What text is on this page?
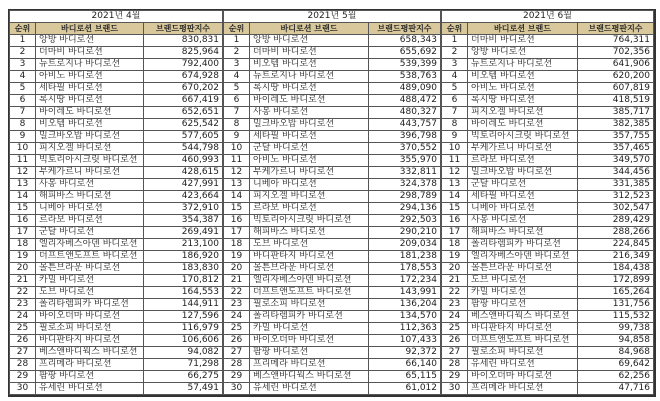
2021년 4월		
순위	바디로션 브랜드	브랜드평판지수
1	앙방 바디로션	830,831
2	더마비 바디로션	825,964
3	뉴트로지나 바디로션	792,400
4	아비노 바디로션	674,928
5	세타필 바디로션	670,202
6	록시땅 바디로션	667,419
7	바이레도 바디로션	652,651
8	비오템 바디로션	625,542
9	밀크바오밥 바디로션	577,605
10	피지오겔 바디로션	544,798
11	빅토리아시크릿 바디로션	460,993
12	부케가르니 바디로션	428,615
13	사봉 바디로션	427,991
14	해피바스 바디로션	423,664
15	니베아 바디로션	372,910
16	르라보 바디로션	354,387
17	군달 바디로션	269,491
18	엘리자베스아덴 바디로션	213,100
19	더프트앤도프트 바디로션	186,920
20	몰튼브라운 바디로션	183,830
21	카밀 바디로션	170,812
22	도브 바디로션	164,553
23	폴리타렘피카 바디로션	144,911
24	바이오더마 바디로션	127,596
25	필로소피 바디로션	116,979
26	바디판타지 바디로션	106,606
27	베스앤바디웍스 바디로션	94,082
28	프리메라 바디로션	71,298
29	팜팡 바디로션	66,275
30	유세린 바디로션	57,491
2021년 5월		
순위	바디로션 브랜드	브랜드평판지수
1	앙방 바디로션	658,343
2	더마비 바디로션	655,692
3	비오템 바디로션	539,399
4	뉴트로지나 바디로션	538,763
5	록시땅 바디로션	489,090
6	바이레도 바디로션	488,472
7	사봉 바디로션	480,327
8	밀크바오밥 바디로션	443,757
9	세타필 바디로션	396,798
10	군달 바디로션	370,552
11	아비노 바디로션	355,970
12	부케가르니 바디로션	332,811
13	니베아 바디로션	324,378
14	피지오겔 바디로션	298,789
15	르라보 바디로션	294,136
16	빅토리아시크릿 바디로션	292,503
17	해피바스 바디로션	290,210
18	도브 바디로션	209,034
19	바디판타지 바디로션	181,238
20	몰튼브라운 바디로션	178,553
21	엘리자베스아덴 바디로션	172,234
22	더프트앤도프트 바디로션	143,991
23	필로소피 바디로션	136,204
24	폴리타렘피카 바디로션	134,570
25	카밀 바디로션	112,363
26	바이오더마 바디로션	107,433
27	팜팡 바디로션	92,372
28	프리메라 바디로션	66,140
29	베스앤바디웍스 바디로션	65,115
30	유세린 바디로션	61,012
2021년 6월		
순위	바디로션 브랜드	브랜드평판지수
1	더마비 바디로션	764,311
2	앙방 바디로션	702,356
3	뉴트로지나 바디로션	641,906
4	비오템 바디로션	620,200
5	아비노 바디로션	607,819
6	록시땅 바디로션	418,519
7	피지오겔 바디로션	385,717
8	바이레도 바디로션	382,385
9	빅토리아시크릿 바디로션	357,755
10	부케가르니 바디로션	357,465
11	르라보 바디로션	349,570
12	밀크바오밥 바디로션	344,456
13	군달 바디로션	331,385
14	세타필 바디로션	312,523
15	니베아 바디로션	302,547
16	사봉 바디로션	289,429
17	해피바스 바디로션	288,266
18	폴리타렘피카 바디로션	224,845
19	엘리자베스아덴 바디로션	216,349
20	몰튼브라운 바디로션	184,438
21	도브 바디로션	172,899
22	카밀 바디로션	165,264
23	팜팡 바디로션	131,756
24	베스앤바디웍스 바디로션	115,532
25	바디판타지 바디로션	99,738
26	더프트앤도프트 바디로션	94,858
27	필로소피 바디로션	84,968
28	유세린 바디로션	69,642
29	바이오더마 바디로션	62,256
30	프리메라 바디로션	47,716
